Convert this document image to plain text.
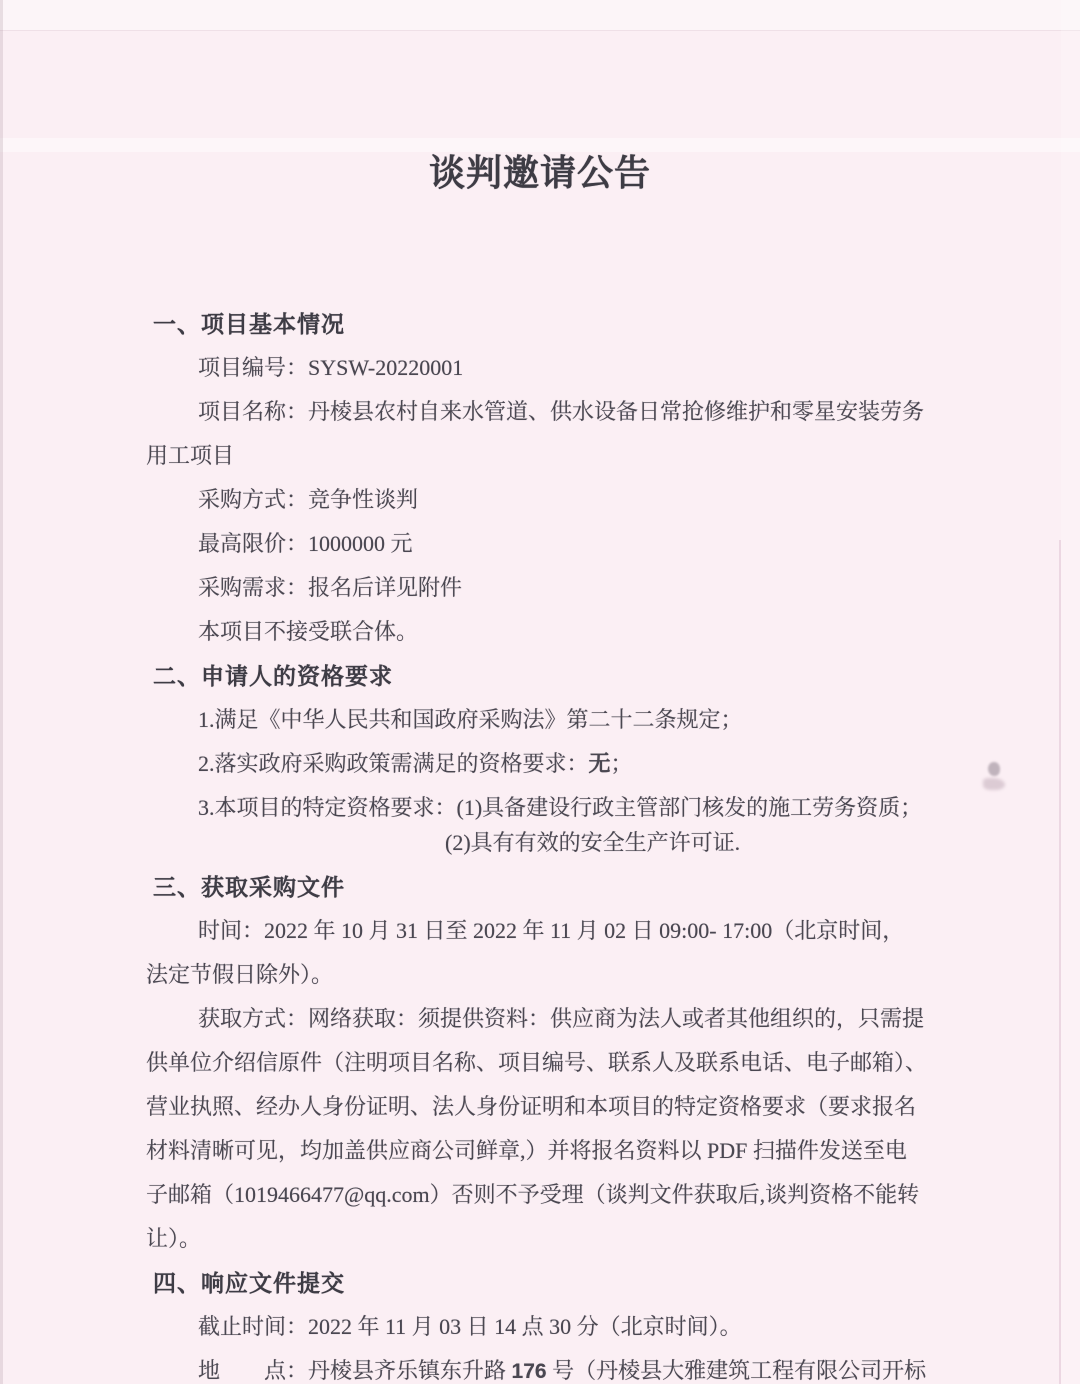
谈判邀请公告
一、项目基本情况
项目编号：SYSW-20220001
项目名称：丹棱县农村自来水管道、供水设备日常抢修维护和零星安装劳务
用工项目
采购方式：竞争性谈判
最高限价：1000000 元
采购需求：报名后详见附件
本项目不接受联合体。
二、申请人的资格要求
1.满足《中华人民共和国政府采购法》第二十二条规定；
2.落实政府采购政策需满足的资格要求：无；
3.本项目的特定资格要求：(1)具备建设行政主管部门核发的施工劳务资质；
(2)具有有效的安全生产许可证.
三、获取采购文件
时间：2022 年 10 月 31 日至 2022 年 11 月 02 日 09:00- 17:00（北京时间，
法定节假日除外）。
获取方式：网络获取：须提供资料：供应商为法人或者其他组织的，只需提
供单位介绍信原件（注明项目名称、项目编号、联系人及联系电话、电子邮箱）、
营业执照、经办人身份证明、法人身份证明和本项目的特定资格要求（要求报名
材料清晰可见，均加盖供应商公司鲜章,）并将报名资料以 PDF 扫描件发送至电
子邮箱（1019466477@qq.com）否则不予受理（谈判文件获取后,谈判资格不能转
让）。
四、响应文件提交
截止时间：2022 年 11 月 03 日 14 点 30 分（北京时间）。
地　　点：丹棱县齐乐镇东升路 176 号（丹棱县大雅建筑工程有限公司开标
